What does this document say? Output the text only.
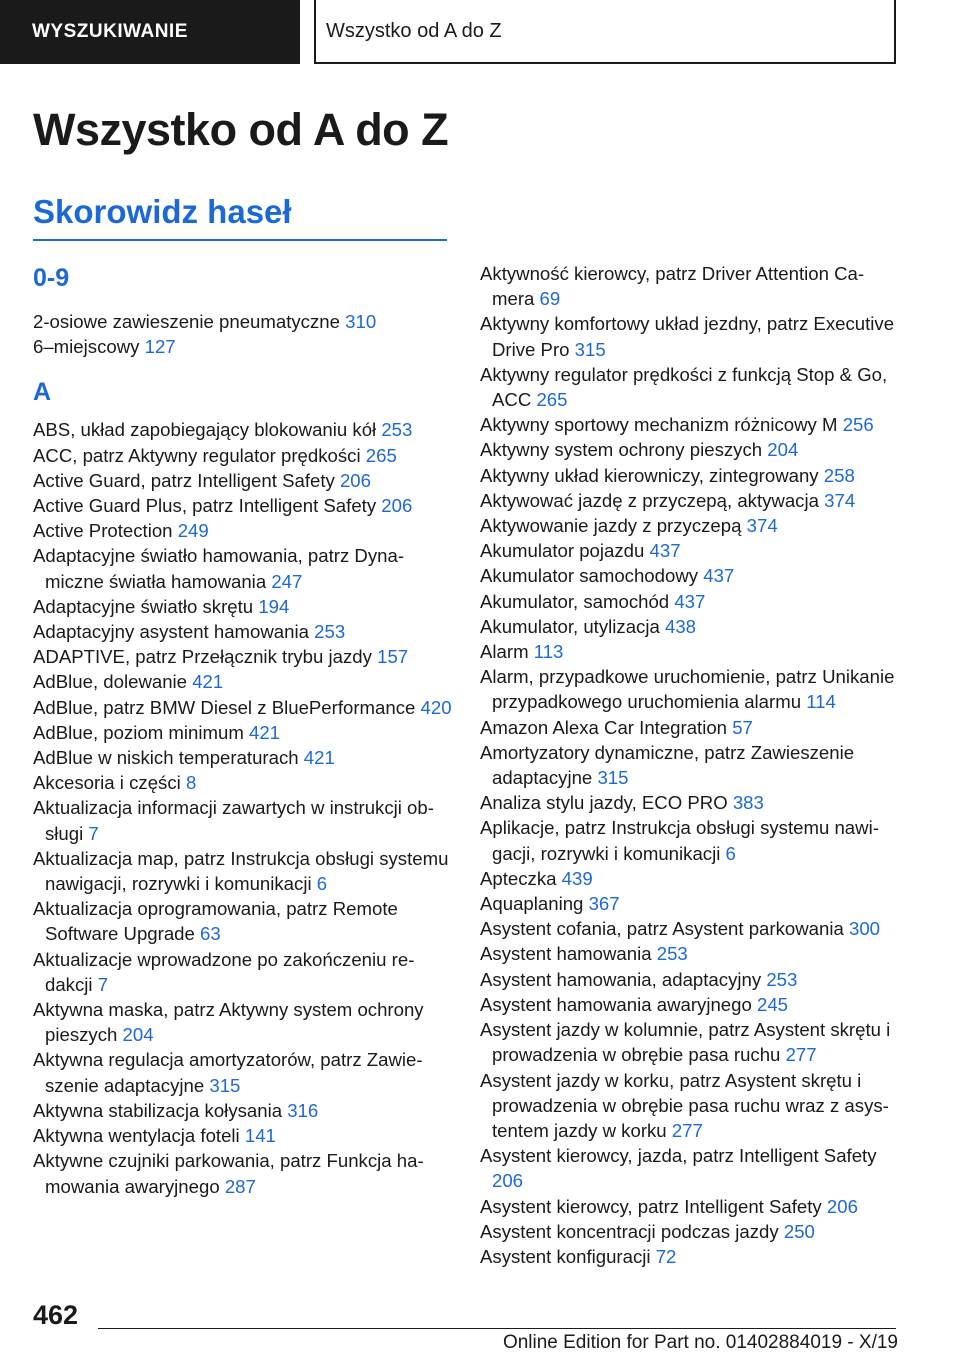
WYSZUKIWANIE	Wszystko od A do Z
Wszystko od A do Z
Skorowidz haseł
0-9
2-osiowe zawieszenie pneumatyczne 310
6–miejscowy 127
A
ABS, układ zapobiegający blokowaniu kół 253
ACC, patrz Aktywny regulator prędkości 265
Active Guard, patrz Intelligent Safety 206
Active Guard Plus, patrz Intelligent Safety 206
Active Protection 249
Adaptacyjne światło hamowania, patrz Dynamiczne światła hamowania 247
Adaptacyjne światło skrętu 194
Adaptacyjny asystent hamowania 253
ADAPTIVE, patrz Przełącznik trybu jazdy 157
AdBlue, dolewanie 421
AdBlue, patrz BMW Diesel z BluePerformance 420
AdBlue, poziom minimum 421
AdBlue w niskich temperaturach 421
Akcesoria i części 8
Aktualizacja informacji zawartych w instrukcji obsługi 7
Aktualizacja map, patrz Instrukcja obsługi systemu nawigacji, rozrywki i komunikacji 6
Aktualizacja oprogramowania, patrz Remote Software Upgrade 63
Aktualizacje wprowadzone po zakończeniu redakcji 7
Aktywna maska, patrz Aktywny system ochrony pieszych 204
Aktywna regulacja amortyzatorów, patrz Zawieszenie adaptacyjne 315
Aktywna stabilizacja kołysania 316
Aktywna wentylacja foteli 141
Aktywne czujniki parkowania, patrz Funkcja hamowania awaryjnego 287
Aktywność kierowcy, patrz Driver Attention Camera 69
Aktywny komfortowy układ jezdny, patrz Executive Drive Pro 315
Aktywny regulator prędkości z funkcją Stop & Go, ACC 265
Aktywny sportowy mechanizm różnicowy M 256
Aktywny system ochrony pieszych 204
Aktywny układ kierowniczy, zintegrowany 258
Aktywować jazdę z przyczepą, aktywacja 374
Aktywowanie jazdy z przyczepą 374
Akumulator pojazdu 437
Akumulator samochodowy 437
Akumulator, samochód 437
Akumulator, utylizacja 438
Alarm 113
Alarm, przypadkowe uruchomienie, patrz Unikanie przypadkowego uruchomienia alarmu 114
Amazon Alexa Car Integration 57
Amortyzatory dynamiczne, patrz Zawieszenie adaptacyjne 315
Analiza stylu jazdy, ECO PRO 383
Aplikacje, patrz Instrukcja obsługi systemu nawigacji, rozrywki i komunikacji 6
Apteczka 439
Aquaplaning 367
Asystent cofania, patrz Asystent parkowania 300
Asystent hamowania 253
Asystent hamowania, adaptacyjny 253
Asystent hamowania awaryjnego 245
Asystent jazdy w kolumnie, patrz Asystent skrętu i prowadzenia w obrębie pasa ruchu 277
Asystent jazdy w korku, patrz Asystent skrętu i prowadzenia w obrębie pasa ruchu wraz z asystentem jazdy w korku 277
Asystent kierowcy, jazda, patrz Intelligent Safety 206
Asystent kierowcy, patrz Intelligent Safety 206
Asystent koncentracji podczas jazdy 250
Asystent konfiguracji 72
462
Online Edition for Part no. 01402884019 - X/19
